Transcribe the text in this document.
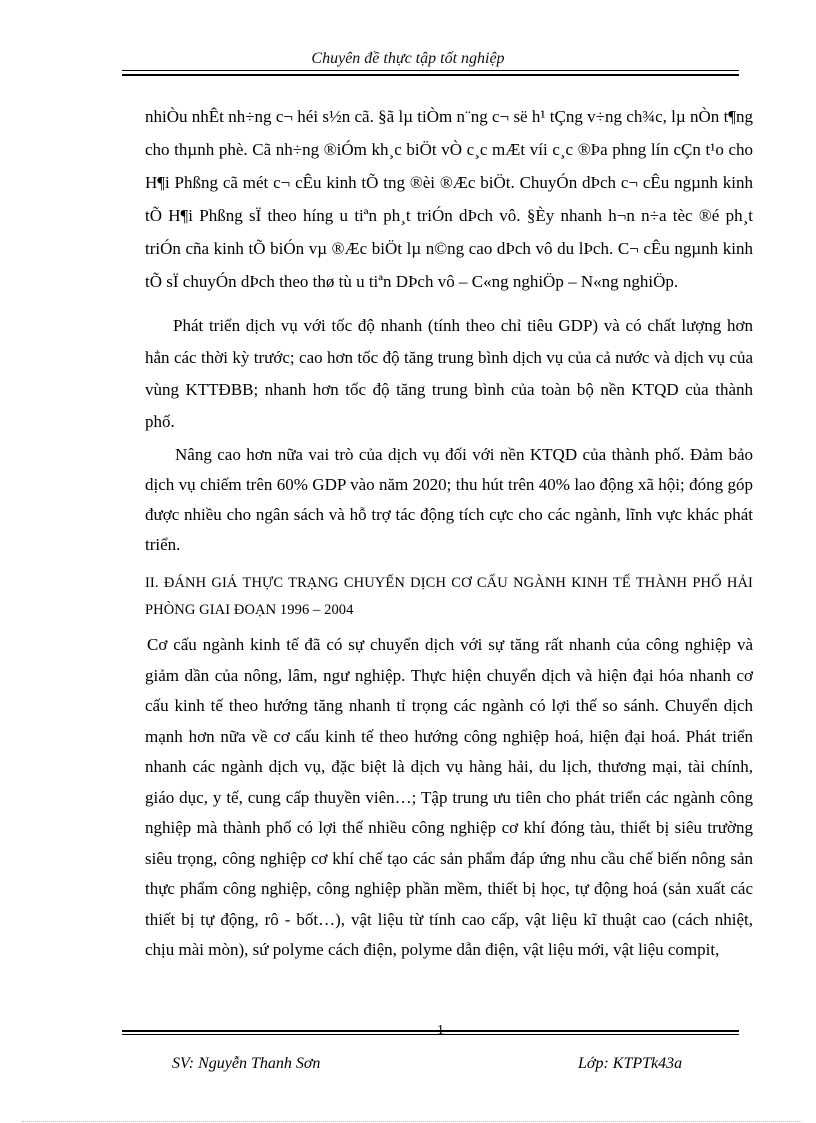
Chuyên đề thực tập tốt nghiệp

nhiÒu nhÊt nh÷ng c¬ héi s½n cã. §ã lµ tiÒm n¨ng c¬ së h¹ tÇng v÷ng ch¾c, lµ nÒn t¶ng cho thµnh phè. Cã nh÷ng ®iÓm kh¸c biÖt vÒ c¸c mÆt víi c¸c ®Þa phng lín cÇn t¹o cho H¶i Phßng cã mét c¬ cÊu kinh tÕ tng ®èi ®Æc biÖt. ChuyÓn dÞch c¬ cÊu ngµnh kinh tÕ H¶i Phßng sÏ theo híng u tiªn ph¸t triÓn dÞch vô. §Èy nhanh h¬n n÷a tèc ®é ph¸t triÓn cña kinh tÕ biÓn vµ ®Æc biÖt lµ n©ng cao dÞch vô du lÞch. C¬ cÊu ngµnh kinh tÕ sÏ chuyÓn dÞch theo thø tù u tiªn DÞch vô – C«ng nghiÖp – N«ng nghiÖp.

Phát triển dịch vụ với tốc độ nhanh (tính theo chỉ tiêu GDP) và có chất lượng hơn hẳn các thời kỳ trước; cao hơn tốc độ tăng trung bình dịch vụ của cả nước và dịch vụ của vùng KTTĐBB; nhanh hơn tốc độ tăng trung bình của toàn bộ nền KTQD của thành phố.

Nâng cao hơn nữa vai trò của dịch vụ đối với nền KTQD của thành phố. Đảm bảo dịch vụ chiếm trên 60% GDP vào năm 2020; thu hút trên 40% lao động xã hội; đóng góp được nhiều cho ngân sách và hỗ trợ tác động tích cực cho các ngành, lĩnh vực khác phát triển.

II. ĐÁNH GIÁ THỰC TRẠNG CHUYỂN DỊCH CƠ CẤU NGÀNH KINH TẾ THÀNH PHỐ HẢI PHÒNG GIAI ĐOẠN 1996 – 2004

Cơ cấu ngành kinh tế đã có sự chuyển dịch với sự tăng rất nhanh của công nghiệp và giảm dần của nông, lâm, ngư nghiệp. Thực hiện chuyển dịch và hiện đại hóa nhanh cơ cấu kinh tế theo hướng tăng nhanh tỉ trọng các ngành có lợi thế so sánh. Chuyển dịch mạnh hơn nữa về cơ cấu kinh tế theo hướng công nghiệp hoá, hiện đại hoá. Phát triển nhanh các ngành dịch vụ, đặc biệt là dịch vụ hàng hải, du lịch, thương mại, tài chính, giáo dục, y tế, cung cấp thuyền viên…; Tập trung ưu tiên cho phát triển các ngành công nghiệp mà thành phố có lợi thế nhiều công nghiệp cơ khí đóng tàu, thiết bị siêu trường siêu trọng, công nghiệp cơ khí chế tạo các sản phẩm đáp ứng nhu cầu chế biến nông sản thực phẩm công nghiệp, công nghiệp phần mềm, thiết bị học, tự động hoá (sản xuất các thiết bị tự động, rô - bốt…), vật liệu từ tính cao cấp, vật liệu kĩ thuật cao (cách nhiệt, chịu mài mòn), sứ polyme cách điện, polyme dẫn điện, vật liệu mới, vật liệu compit,

1
SV: Nguyễn Thanh Sơn	Lớp: KTPTk43a
